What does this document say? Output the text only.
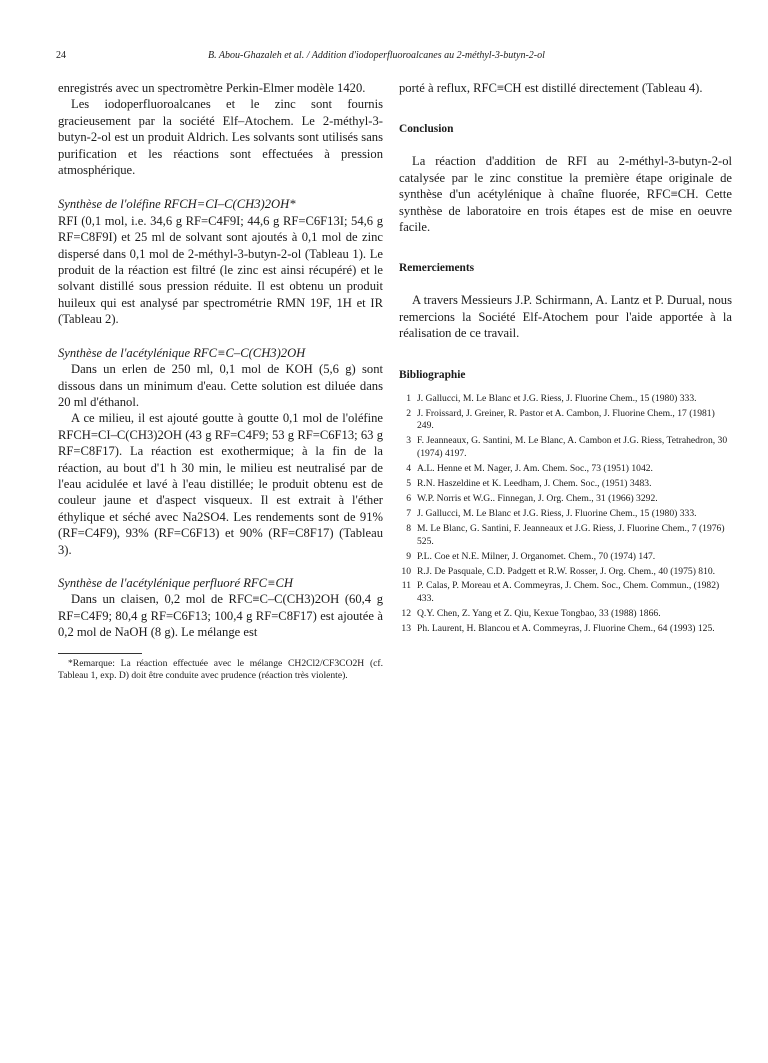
24	B. Abou-Ghazaleh et al. / Addition d'iodoperfluoroalcanes au 2-méthyl-3-butyn-2-ol

enregistrés avec un spectromètre Perkin-Elmer modèle 1420.

Les iodoperfluoroalcanes et le zinc sont fournis gracieusement par la société Elf–Atochem. Le 2-méthyl-3-butyn-2-ol est un produit Aldrich. Les solvants sont utilisés sans purification et les réactions sont effectuées à pression atmosphérique.

Synthèse de l'oléfine RFCH=CI–C(CH3)2OH*

RFI (0,1 mol, i.e. 34,6 g RF=C4F9I; 44,6 g RF=C6F13I; 54,6 g RF=C8F9I) et 25 ml de solvant sont ajoutés à 0,1 mol de zinc dispersé dans 0,1 mol de 2-méthyl-3-butyn-2-ol (Tableau 1). Le produit de la réaction est filtré (le zinc est ainsi récupéré) et le solvant distillé sous pression réduite. Il est obtenu un produit huileux qui est analysé par spectrométrie RMN 19F, 1H et IR (Tableau 2).

Synthèse de l'acétylénique RFC≡C–C(CH3)2OH

Dans un erlen de 250 ml, 0,1 mol de KOH (5,6 g) sont dissous dans un minimum d'eau. Cette solution est diluée dans 20 ml d'éthanol.

A ce milieu, il est ajouté goutte à goutte 0,1 mol de l'oléfine RFCH=CI–C(CH3)2OH (43 g RF=C4F9; 53 g RF=C6F13; 63 g RF=C8F17). La réaction est exothermique; à la fin de la réaction, au bout d'1 h 30 min, le milieu est neutralisé par de l'eau acidulée et lavé à l'eau distillée; le produit obtenu est de couleur jaune et d'aspect visqueux. Il est extrait à l'éther éthylique et séché avec Na2SO4. Les rendements sont de 91% (RF=C4F9), 93% (RF=C6F13) et 90% (RF=C8F17) (Tableau 3).

Synthèse de l'acétylénique perfluoré RFC≡CH

Dans un claisen, 0,2 mol de RFC≡C–C(CH3)2OH (60,4 g RF=C4F9; 80,4 g RF=C6F13; 100,4 g RF=C8F17) est ajoutée à 0,2 mol de NaOH (8 g). Le mélange est

*Remarque: La réaction effectuée avec le mélange CH2Cl2/CF3CO2H (cf. Tableau 1, exp. D) doit être conduite avec prudence (réaction très violente).

porté à reflux, RFC≡CH est distillé directement (Tableau 4).

Conclusion

La réaction d'addition de RFI au 2-méthyl-3-butyn-2-ol catalysée par le zinc constitue la première étape originale de synthèse d'un acétylénique à chaîne fluorée, RFC≡CH. Cette synthèse de laboratoire en trois étapes est de mise en oeuvre facile.

Remerciements

A travers Messieurs J.P. Schirmann, A. Lantz et P. Durual, nous remercions la Société Elf-Atochem pour l'aide apportée à la réalisation de ce travail.

Bibliographie

1 J. Gallucci, M. Le Blanc et J.G. Riess, J. Fluorine Chem., 15 (1980) 333.
2 J. Froissard, J. Greiner, R. Pastor et A. Cambon, J. Fluorine Chem., 17 (1981) 249.
3 F. Jeanneaux, G. Santini, M. Le Blanc, A. Cambon et J.G. Riess, Tetrahedron, 30 (1974) 4197.
4 A.L. Henne et M. Nager, J. Am. Chem. Soc., 73 (1951) 1042.
5 R.N. Haszeldine et K. Leedham, J. Chem. Soc., (1951) 3483.
6 W.P. Norris et W.G.. Finnegan, J. Org. Chem., 31 (1966) 3292.
7 J. Gallucci, M. Le Blanc et J.G. Riess, J. Fluorine Chem., 15 (1980) 333.
8 M. Le Blanc, G. Santini, F. Jeanneaux et J.G. Riess, J. Fluorine Chem., 7 (1976) 525.
9 P.L. Coe et N.E. Milner, J. Organomet. Chem., 70 (1974) 147.
10 R.J. De Pasquale, C.D. Padgett et R.W. Rosser, J. Org. Chem., 40 (1975) 810.
11 P. Calas, P. Moreau et A. Commeyras, J. Chem. Soc., Chem. Commun., (1982) 433.
12 Q.Y. Chen, Z. Yang et Z. Qiu, Kexue Tongbao, 33 (1988) 1866.
13 Ph. Laurent, H. Blancou et A. Commeyras, J. Fluorine Chem., 64 (1993) 125.
